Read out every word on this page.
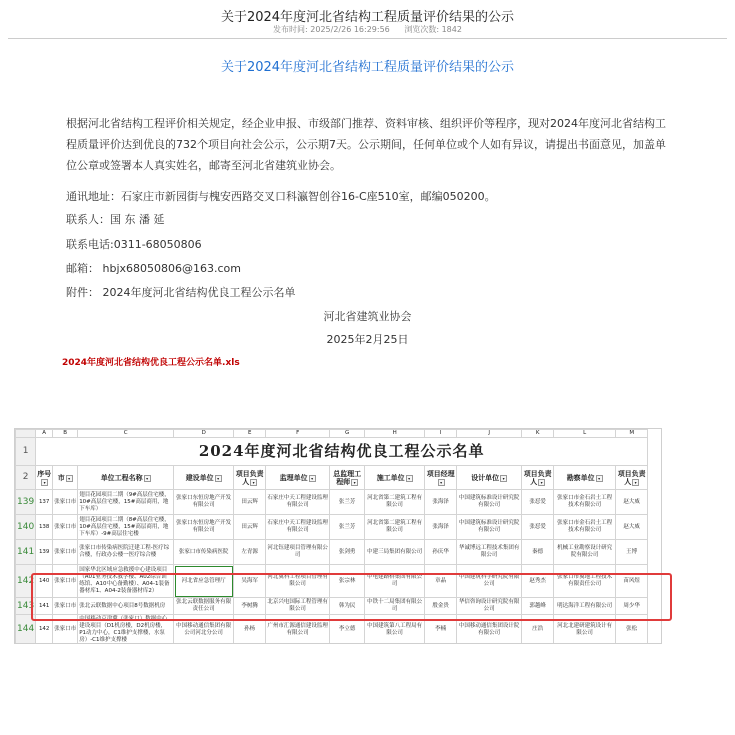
关于2024年度河北省结构工程质量评价结果的公示
发布时间: 2025/2/26 16:29:56 浏览次数: 1842
关于2024年度河北省结构工程质量评价结果的公示
根据河北省结构工程评价相关规定，经企业申报、市级部门推荐、资料审核、组织评价等程序，现对2024年度河北省结构工程质量评价达到优良的732个项目向社会公示，公示期7天。公示期间，任何单位或个人如有异议，请提出书面意见，加盖单位公章或签署本人真实姓名，邮寄至河北省建筑业协会。
通讯地址：石家庄市新园街与槐安西路交叉口科瀛智创谷16-C座510室，邮编050200。
联系人：国 东 潘 延
联系电话:0311-68050806
邮箱： hbjx68050806@163.com
附件： 2024年度河北省结构优良工程公示名单
河北省建筑业协会
2025年2月25日
2024年度河北省结构优良工程公示名单.xls
	A	B	C	D	E	F	G	H	I	J	K	L	M
1	2024年度河北省结构优良工程公示名单												
2	序号▾	市 ▾	单位工程名称 ▾	建设单位 ▾	项目负责人 ▾	监理单位 ▾	总监理工程师 ▾	施工单位 ▾	项目经理▾	设计单位 ▾	项目负责人 ▾	勘察单位 ▾	项目负责人 ▾
139	137	张家口市	翅目花园项目二期（9#高层住宅楼，10#高层住宅楼，15#高层商用，地下车库）	张家口东恒房地产开发有限公司	田云辉	石家庄中天工程建设监理有限公司	张兰芳	河北省第二建筑工程有限公司	张海泽	中国建筑标准设计研究院有限公司	张怼爱	张家口市金石岩土工程技术有限公司	赵大威
140	138	张家口市	翅目花园项目二期（8#高层住宅楼，10#高层住宅楼，15#高层商用，地下车库）-9#高层住宅楼	张家口东恒房地产开发有限公司	田云辉	石家庄中天工程建设监理有限公司	张兰芳	河北省第二建筑工程有限公司	张海泽	中国建筑标准设计研究院有限公司	张怼爱	张家口市金石岩土工程技术有限公司	赵大威
141	139	张家口市	张家口市传染病医院迁建工程-医疗综合楼，行政办公楼一医疗综合楼	张家口市传染病医院	左青源	河北钰建项目管理有限公司	张剑勇	中建三局集团有限公司	孙庆华	华诚博远工程技术集团有限公司	秦德	机械工业勘察设计研究院有限公司	王博
142	140	张家口市	国家华北区域应急救援中心建设项目（A01业务技术教学楼、A02综合训练馆、A10中心备勤楼）、A04-1装备器材库1、A04-2装备器材库2）	河北省应急管理厅	吴海军	河北冀科工程项目管理有限公司	张宗林	中电建路桥集团有限公司	章晶	中国建筑科学研究院有限公司	赵秀杰	张家口市冀地工程技术有限责任公司	苗风煜
143	141	张家口市	张北云联数据中心项目8号数据机房	张北云联数据服务有限责任公司	李树腾	北京兴电国际工程管理有限公司	韩为民	中铁十二局集团有限公司	殷金贵	华信咨询设计研究院有限公司	郭越峰	明达海洋工程有限公司	周少华
144	142	张家口市	中国移动京津冀（张家口）数据中心建设项目（D1机房楼，D2机房楼，P1动力中心，C1维护支撑楼，水泵房）-C1维护支撑楼	中国移动通信集团有限公司河北分公司	孙杨	广州市汇源通信建设监理有限公司	李立德	中国建筑第八工程局有限公司	李楠	中国移动通信集团设计院有限公司	庄浩	河北北建研建筑设计有限公司	张松
